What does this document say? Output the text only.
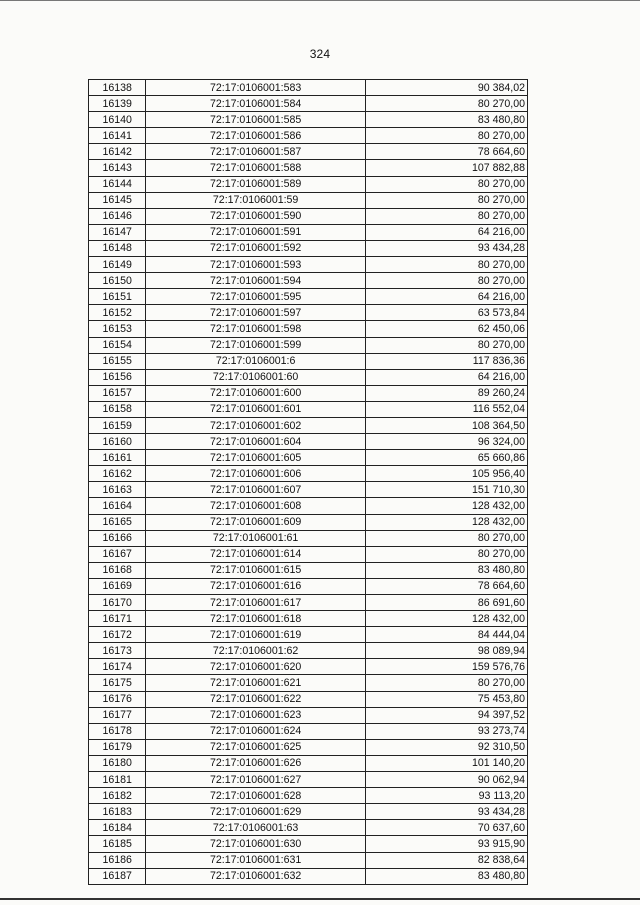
324
16138	72:17:0106001:583	90 384,02
16139	72:17:0106001:584	80 270,00
16140	72:17:0106001:585	83 480,80
16141	72:17:0106001:586	80 270,00
16142	72:17:0106001:587	78 664,60
16143	72:17:0106001:588	107 882,88
16144	72:17:0106001:589	80 270,00
16145	72:17:0106001:59	80 270,00
16146	72:17:0106001:590	80 270,00
16147	72:17:0106001:591	64 216,00
16148	72:17:0106001:592	93 434,28
16149	72:17:0106001:593	80 270,00
16150	72:17:0106001:594	80 270,00
16151	72:17:0106001:595	64 216,00
16152	72:17:0106001:597	63 573,84
16153	72:17:0106001:598	62 450,06
16154	72:17:0106001:599	80 270,00
16155	72:17:0106001:6	117 836,36
16156	72:17:0106001:60	64 216,00
16157	72:17:0106001:600	89 260,24
16158	72:17:0106001:601	116 552,04
16159	72:17:0106001:602	108 364,50
16160	72:17:0106001:604	96 324,00
16161	72:17:0106001:605	65 660,86
16162	72:17:0106001:606	105 956,40
16163	72:17:0106001:607	151 710,30
16164	72:17:0106001:608	128 432,00
16165	72:17:0106001:609	128 432,00
16166	72:17:0106001:61	80 270,00
16167	72:17:0106001:614	80 270,00
16168	72:17:0106001:615	83 480,80
16169	72:17:0106001:616	78 664,60
16170	72:17:0106001:617	86 691,60
16171	72:17:0106001:618	128 432,00
16172	72:17:0106001:619	84 444,04
16173	72:17:0106001:62	98 089,94
16174	72:17:0106001:620	159 576,76
16175	72:17:0106001:621	80 270,00
16176	72:17:0106001:622	75 453,80
16177	72:17:0106001:623	94 397,52
16178	72:17:0106001:624	93 273,74
16179	72:17:0106001:625	92 310,50
16180	72:17:0106001:626	101 140,20
16181	72:17:0106001:627	90 062,94
16182	72:17:0106001:628	93 113,20
16183	72:17:0106001:629	93 434,28
16184	72:17:0106001:63	70 637,60
16185	72:17:0106001:630	93 915,90
16186	72:17:0106001:631	82 838,64
16187	72:17:0106001:632	83 480,80
